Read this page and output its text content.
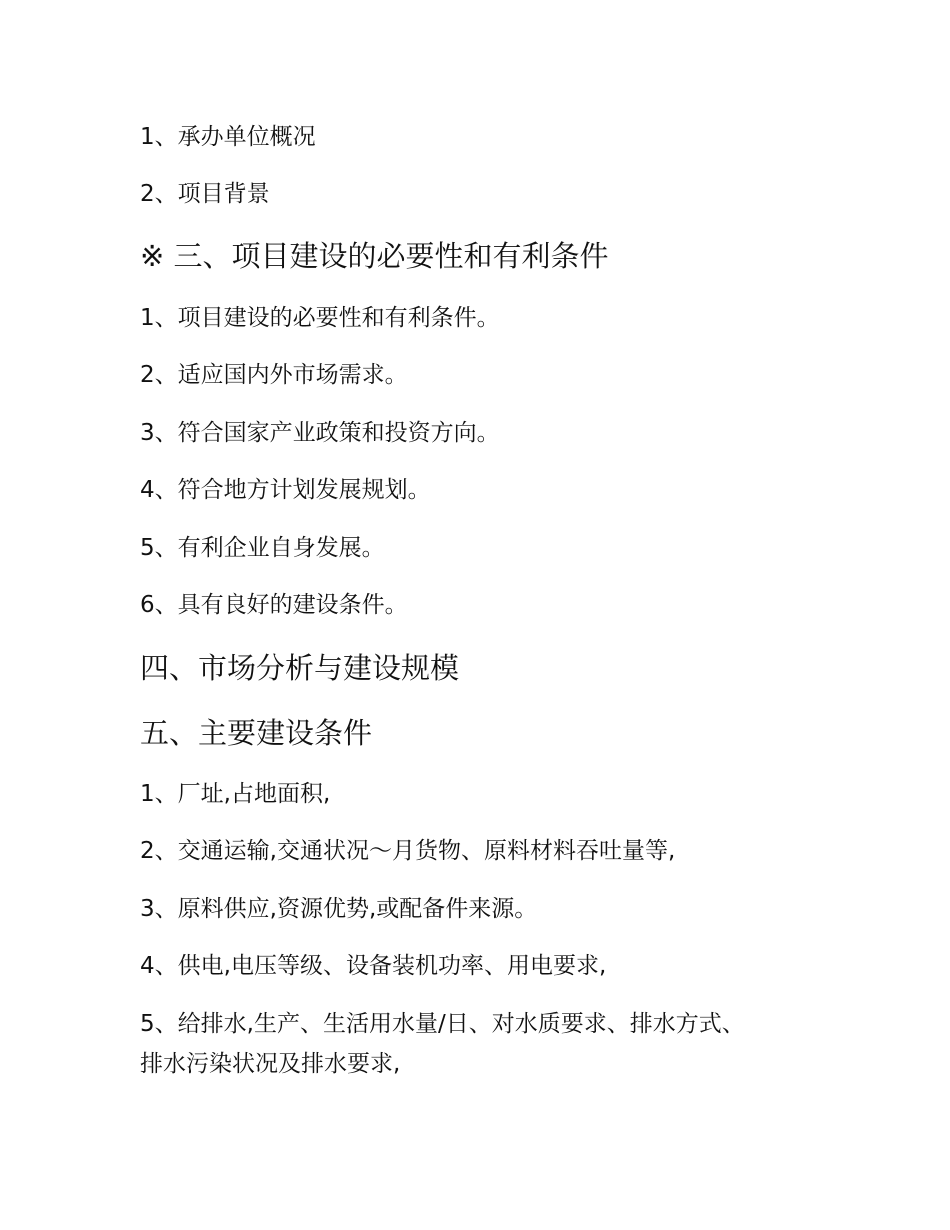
1、承办单位概况
2、项目背景
※ 三、项目建设的必要性和有利条件
1、项目建设的必要性和有利条件。
2、适应国内外市场需求。
3、符合国家产业政策和投资方向。
4、符合地方计划发展规划。
5、有利企业自身发展。
6、具有良好的建设条件。
四、市场分析与建设规模
五、主要建设条件
1、厂址,占地面积,
2、交通运输,交通状况～月货物、原料材料吞吐量等,
3、原料供应,资源优势,或配备件来源。
4、供电,电压等级、设备装机功率、用电要求,
5、给排水,生产、生活用水量/日、对水质要求、排水方式、
排水污染状况及排水要求,
